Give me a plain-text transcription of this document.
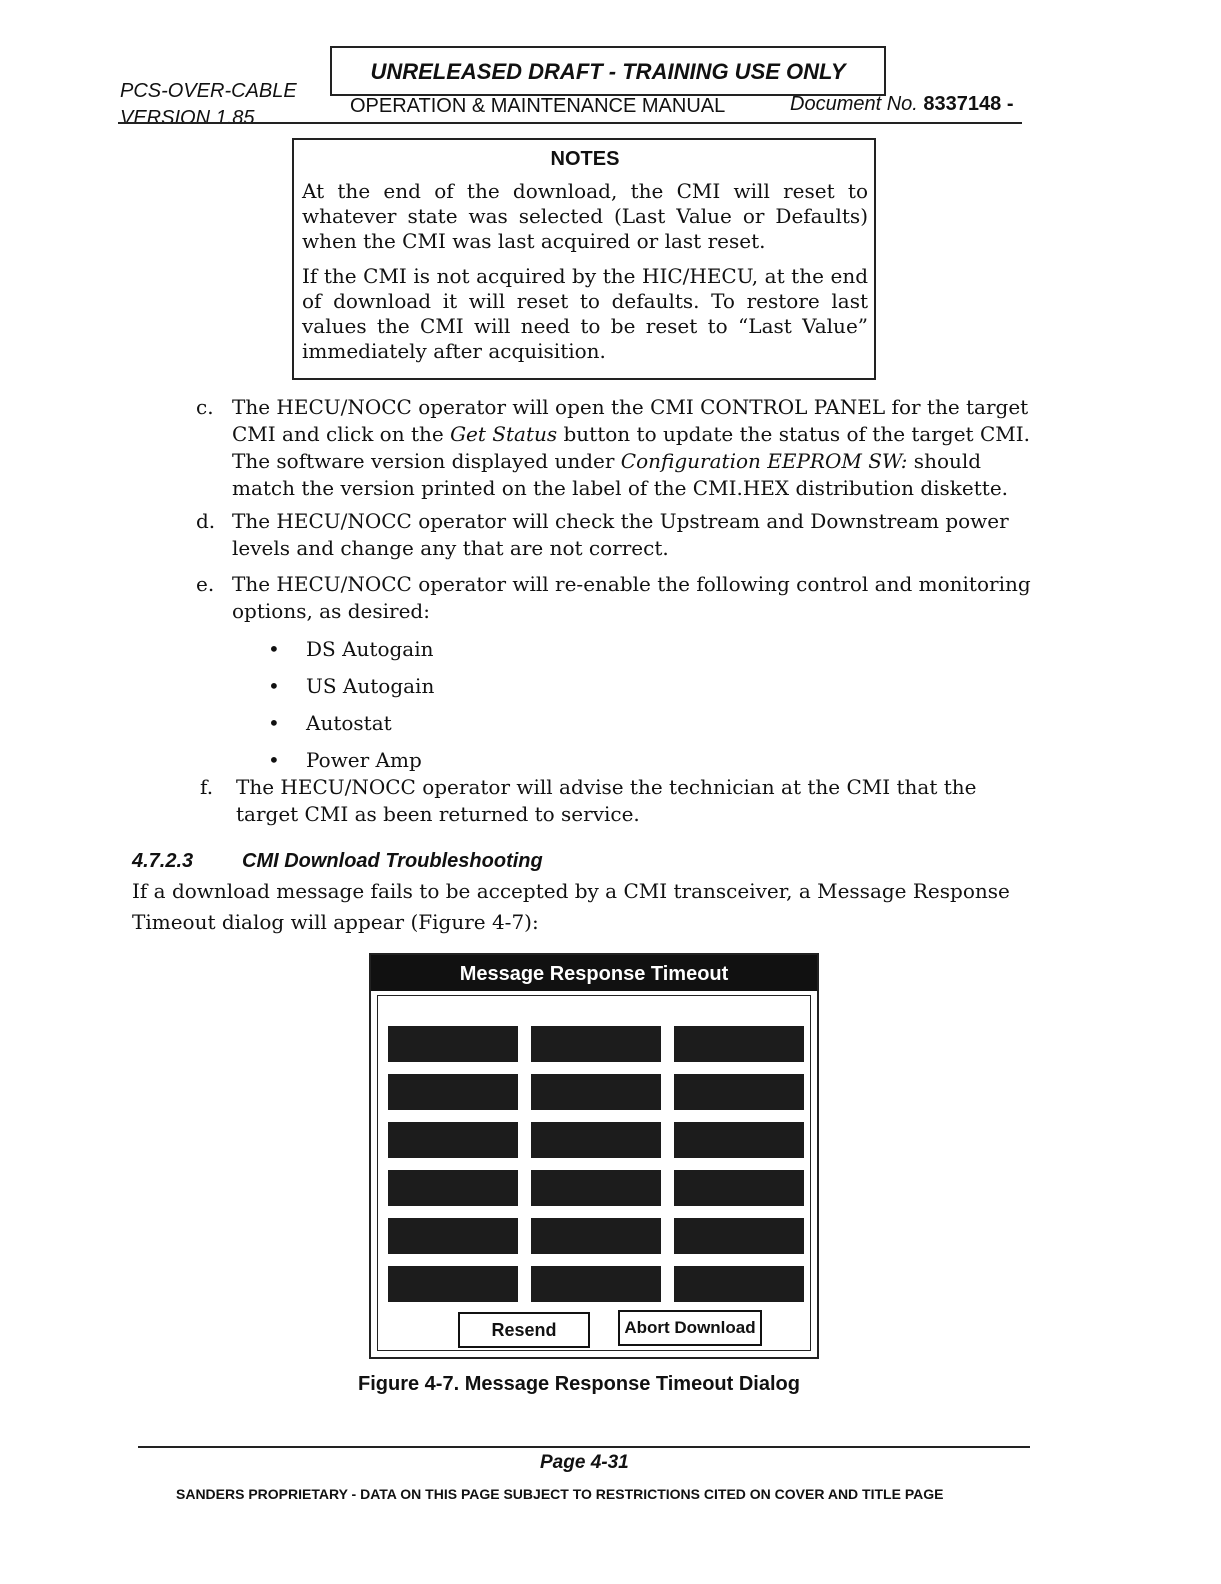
PCS-OVER-CABLE
VERSION 1.85
UNRELEASED DRAFT - TRAINING USE ONLY
OPERATION & MAINTENANCE MANUAL	Document No. 8337148 -
NOTES

At the end of the download, the CMI will reset to whatever state was selected (Last Value or Defaults) when the CMI was last acquired or last reset.

If the CMI is not acquired by the HIC/HECU, at the end of download it will reset to defaults. To restore last values the CMI will need to be reset to “Last Value” immediately after acquisition.

c. The HECU/NOCC operator will open the CMI CONTROL PANEL for the target CMI and click on the Get Status button to update the status of the target CMI. The software version displayed under Configuration EEPROM SW: should match the version printed on the label of the CMI.HEX distribution diskette.
d. The HECU/NOCC operator will check the Upstream and Downstream power levels and change any that are not correct.
e. The HECU/NOCC operator will re-enable the following control and monitoring options, as desired:
• DS Autogain
• US Autogain
• Autostat
• Power Amp
f.	The HECU/NOCC operator will advise the technician at the CMI that the target CMI as been returned to service.
4.7.2.3 CMI Download Troubleshooting
If a download message fails to be accepted by a CMI transceiver, a Message Response Timeout dialog will appear (Figure 4-7):
Message Response Timeout
Resend	Abort Download
Figure 4-7. Message Response Timeout Dialog
Page 4-31
SANDERS PROPRIETARY - DATA ON THIS PAGE SUBJECT TO RESTRICTIONS CITED ON COVER AND TITLE PAGE
